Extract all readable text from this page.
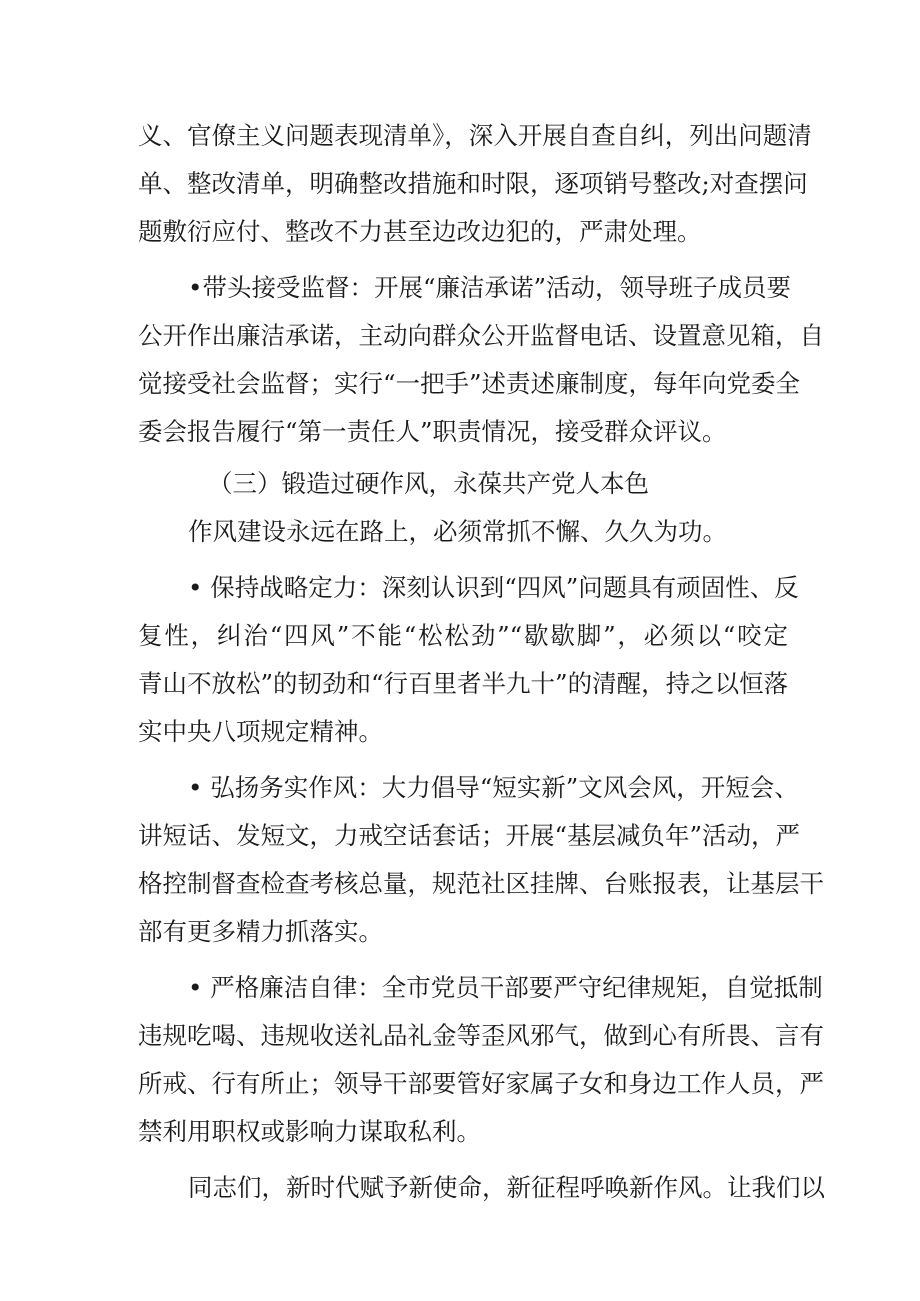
义、官僚主义问题表现清单》，深入开展自查自纠，列出问题清
单、整改清单，明确整改措施和时限，逐项销号整改;对查摆问
题敷衍应付、整改不力甚至边改边犯的，严肃处理。
•带头接受监督：开展“廉洁承诺”活动，领导班子成员要
公开作出廉洁承诺，主动向群众公开监督电话、设置意见箱，自
觉接受社会监督；实行“一把手”述责述廉制度，每年向党委全
委会报告履行“第一责任人”职责情况，接受群众评议。
（三）锻造过硬作风，永葆共产党人本色
作风建设永远在路上，必须常抓不懈、久久为功。
• 保持战略定力：深刻认识到“四风”问题具有顽固性、反
复性，纠治“四风”不能“松松劲”“歇歇脚”，必须以“咬定
青山不放松”的韧劲和“行百里者半九十”的清醒，持之以恒落
实中央八项规定精神。
• 弘扬务实作风：大力倡导“短实新”文风会风，开短会、
讲短话、发短文，力戒空话套话；开展“基层减负年”活动，严
格控制督查检查考核总量，规范社区挂牌、台账报表，让基层干
部有更多精力抓落实。
• 严格廉洁自律：全市党员干部要严守纪律规矩，自觉抵制
违规吃喝、违规收送礼品礼金等歪风邪气，做到心有所畏、言有
所戒、行有所止；领导干部要管好家属子女和身边工作人员，严
禁利用职权或影响力谋取私利。
同志们，新时代赋予新使命，新征程呼唤新作风。让我们以
